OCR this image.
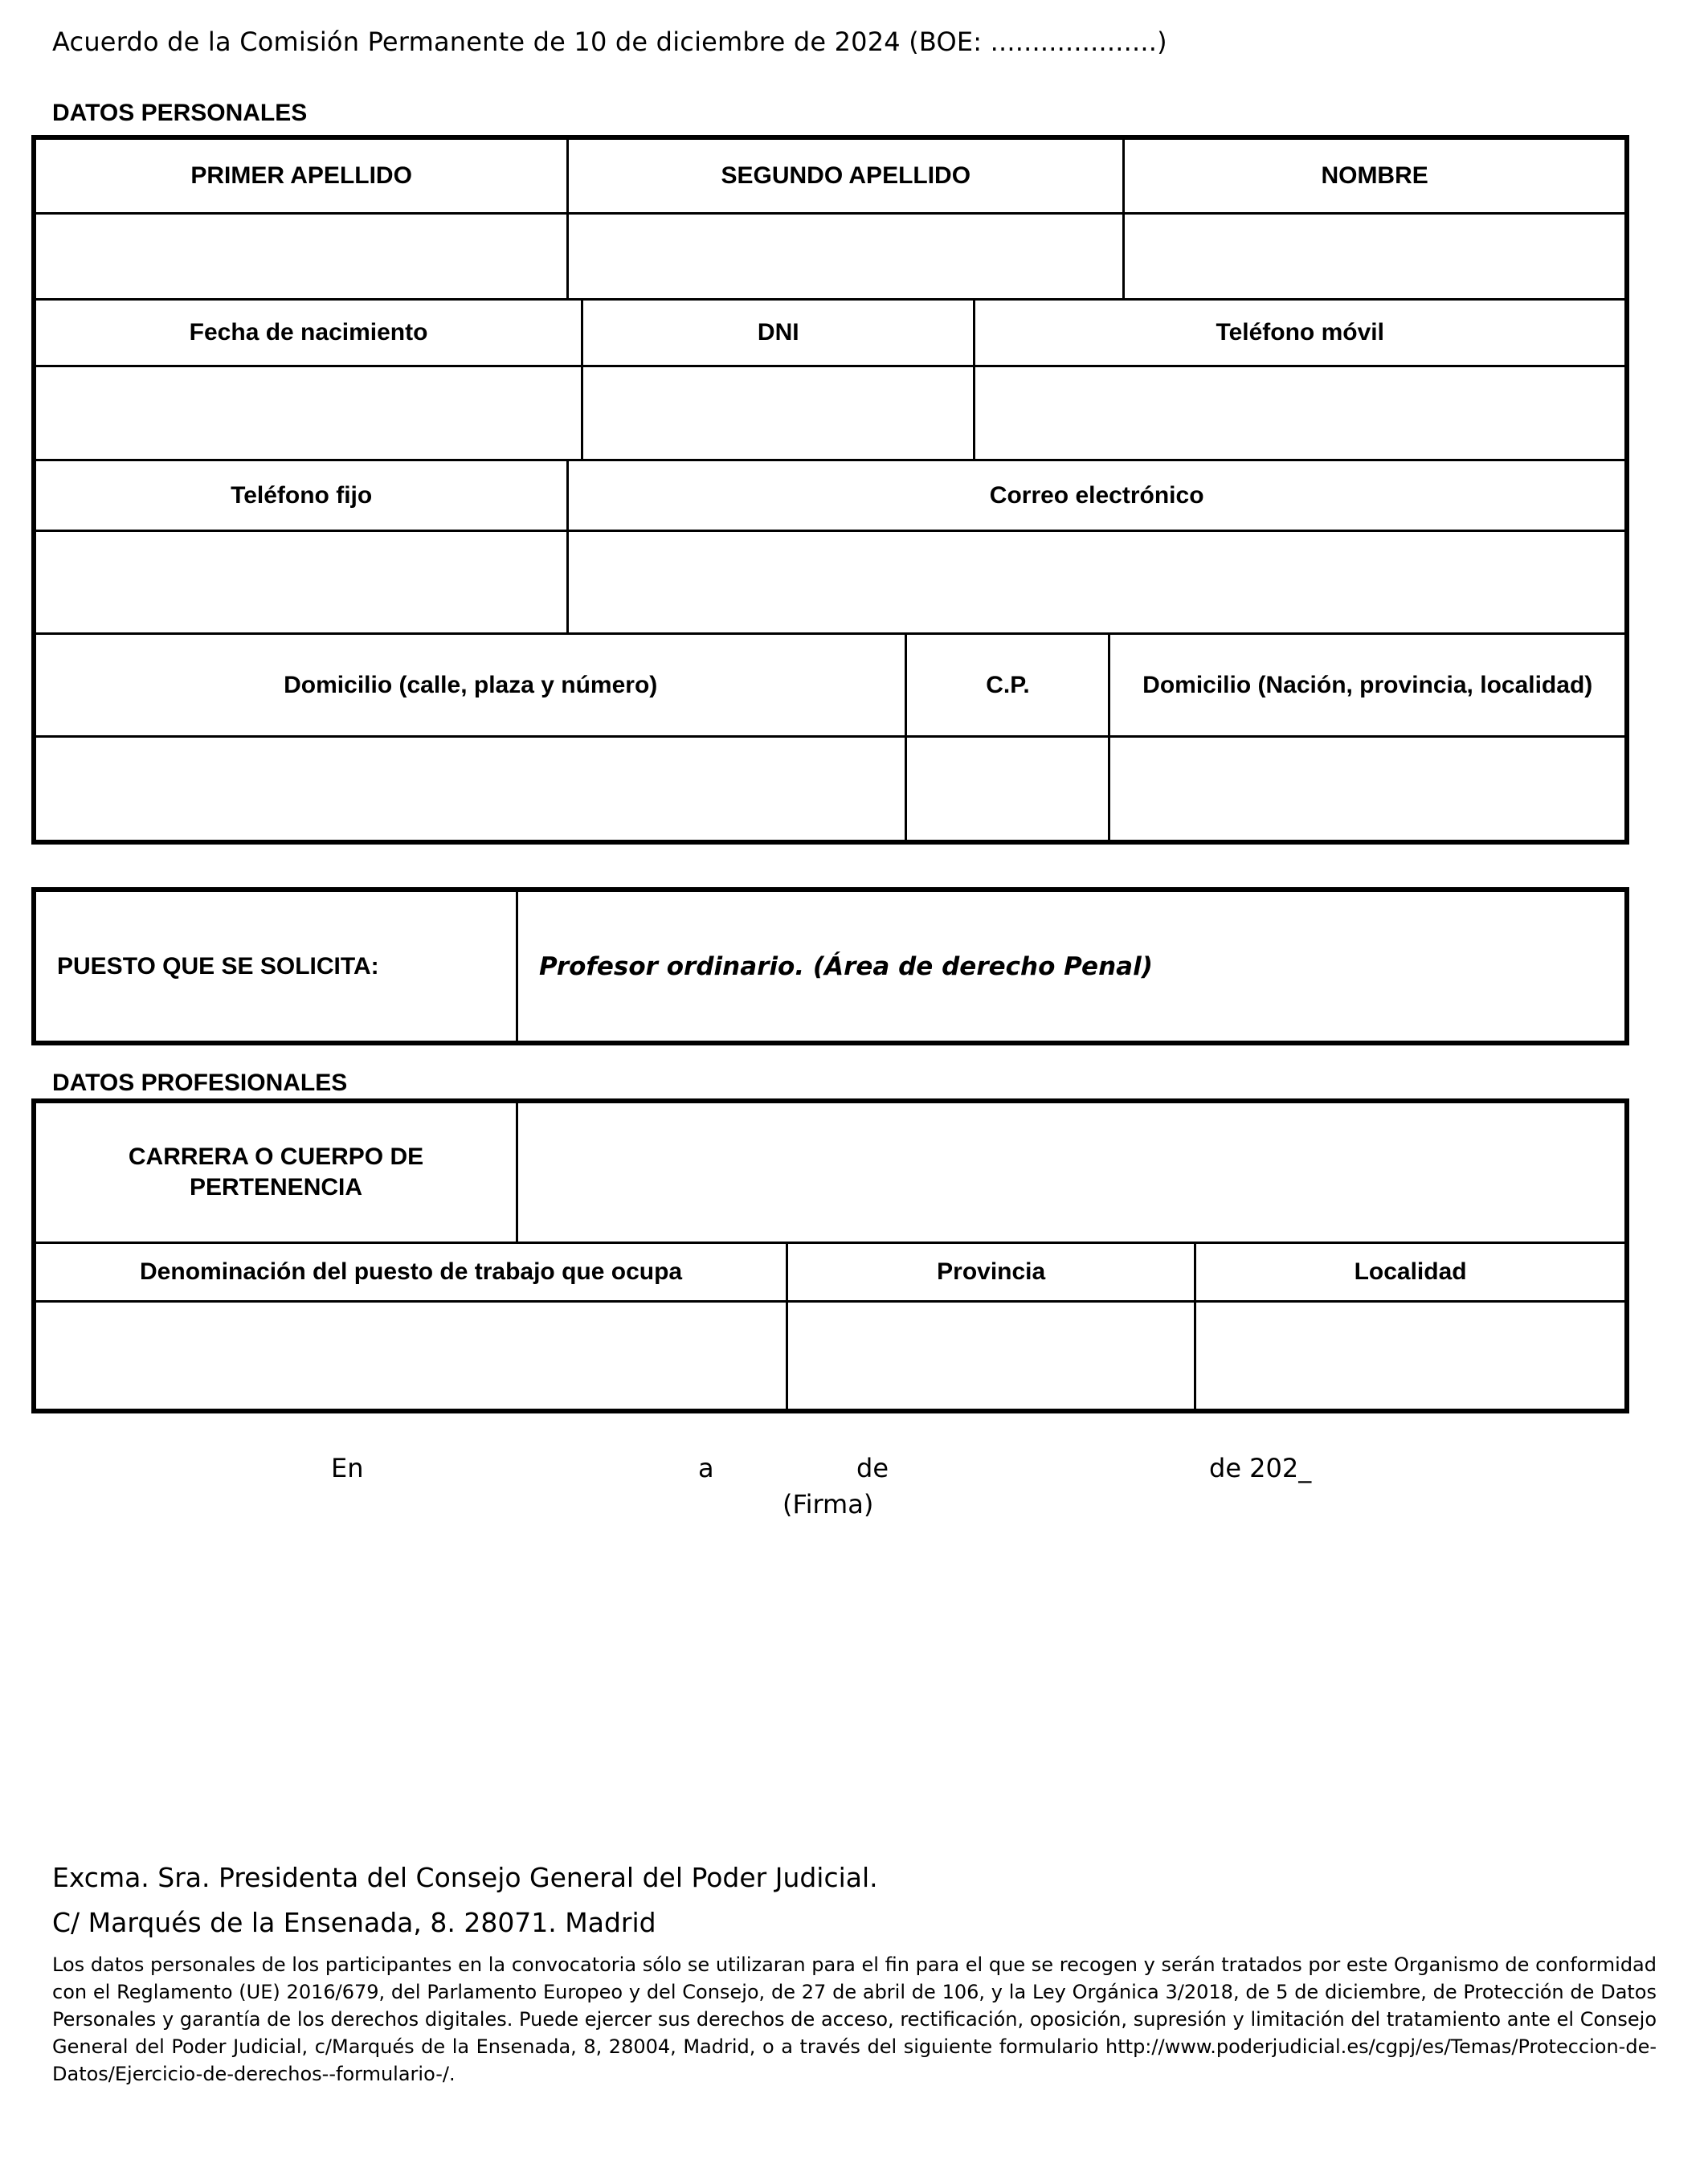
Acuerdo de la Comisión Permanente de 10 de diciembre de 2024 (BOE: ....................)
DATOS PERSONALES
PRIMER APELLIDO	SEGUNDO APELLIDO	NOMBRE
Fecha de nacimiento	DNI	Teléfono móvil
Teléfono fijo	Correo electrónico
Domicilio (calle, plaza y número)	C.P.	Domicilio (Nación, provincia, localidad)
PUESTO QUE SE SOLICITA:	Profesor ordinario. (Área de derecho Penal)
DATOS PROFESIONALES
CARRERA O CUERPO DE PERTENENCIA
Denominación del puesto de trabajo que ocupa	Provincia	Localidad
En	a	de	de 202_
(Firma)
Excma. Sra. Presidenta del Consejo General del Poder Judicial.
C/ Marqués de la Ensenada, 8. 28071. Madrid
Los datos personales de los participantes en la convocatoria sólo se utilizaran para el fin para el que se recogen y serán tratados por este Organismo de conformidad con el Reglamento (UE) 2016/679, del Parlamento Europeo y del Consejo, de 27 de abril de 106, y la Ley Orgánica 3/2018, de 5 de diciembre, de Protección de Datos Personales y garantía de los derechos digitales. Puede ejercer sus derechos de acceso, rectificación, oposición, supresión y limitación del tratamiento ante el Consejo General del Poder Judicial, c/Marqués de la Ensenada, 8, 28004, Madrid, o a través del siguiente formulario http://www.poderjudicial.es/cgpj/es/Temas/Proteccion-de-Datos/Ejercicio-de-derechos--formulario-/.
